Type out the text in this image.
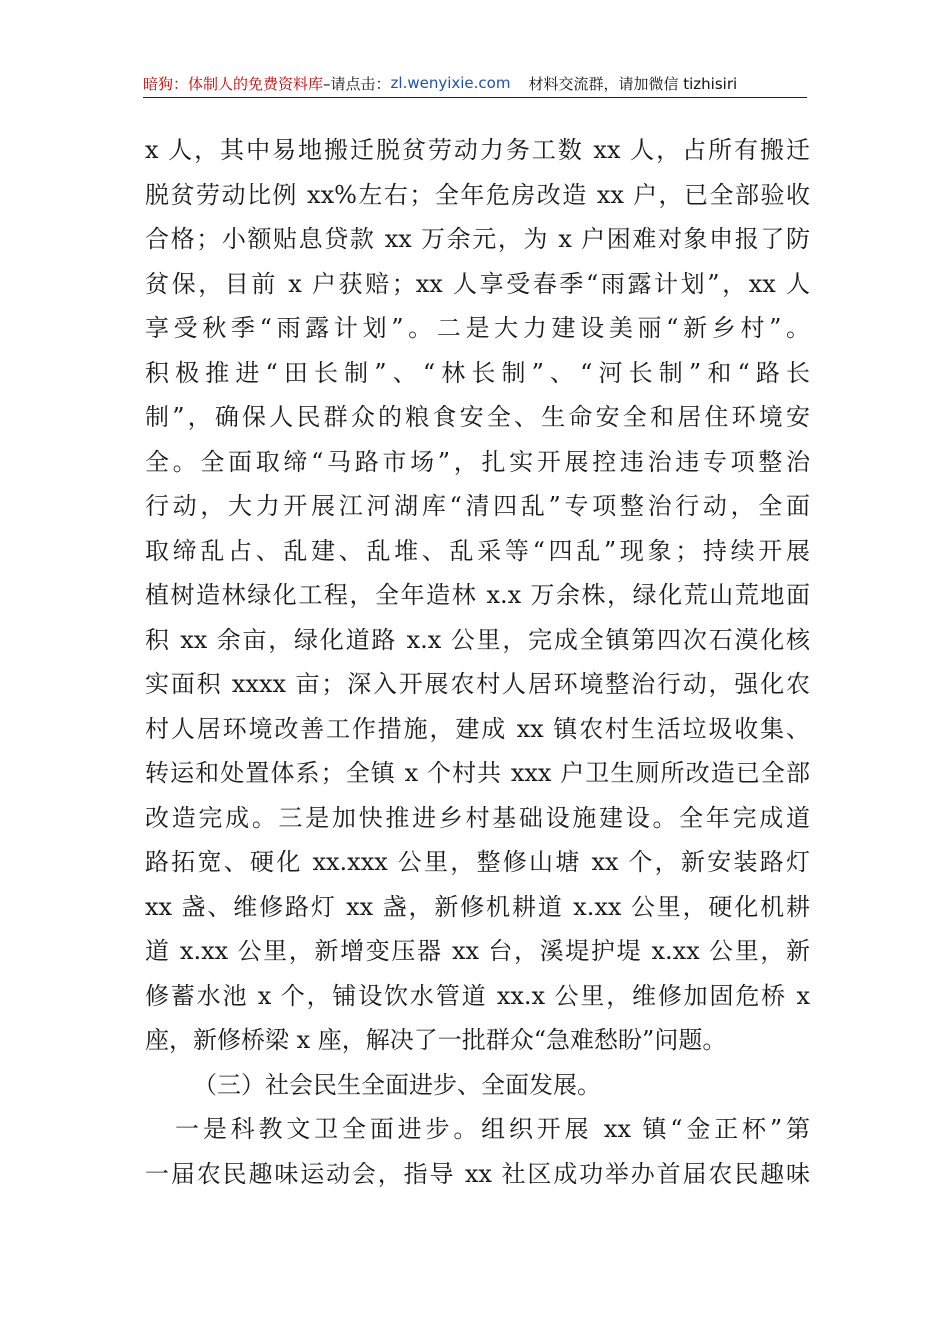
暗狗：体制人的免费资料库 –请点击： zl.wenyixie.com 材料交流群，请加微信 tizhisiri
x 人，其中易地搬迁脱贫劳动力务工数 xx 人，占所有搬迁
脱贫劳动比例 xx%左右；全年危房改造 xx 户，已全部验收
合格；小额贴息贷款 xx 万余元，为 x 户困难对象申报了防
贫保，目前 x 户获赔；xx 人享受春季“雨露计划”，xx 人
享受秋季“雨露计划”。二是大力建设美丽“新乡村”。
积极推进“田长制”、“林长制”、“河长制”和“路长
制”，确保人民群众的粮食安全、生命安全和居住环境安
全。全面取缔“马路市场”，扎实开展控违治违专项整治
行动，大力开展江河湖库“清四乱”专项整治行动，全面
取缔乱占、乱建、乱堆、乱采等“四乱”现象；持续开展
植树造林绿化工程，全年造林 x.x 万余株，绿化荒山荒地面
积 xx 余亩，绿化道路 x.x 公里，完成全镇第四次石漠化核
实面积 xxxx 亩；深入开展农村人居环境整治行动，强化农
村人居环境改善工作措施，建成 xx 镇农村生活垃圾收集、
转运和处置体系；全镇 x 个村共 xxx 户卫生厕所改造已全部
改造完成。三是加快推进乡村基础设施建设。全年完成道
路拓宽、硬化 xx.xxx 公里，整修山塘 xx 个，新安装路灯
xx 盏、维修路灯 xx 盏，新修机耕道 x.xx 公里，硬化机耕
道 x.xx 公里，新增变压器 xx 台，溪堤护堤 x.xx 公里，新
修蓄水池 x 个，铺设饮水管道 xx.x 公里，维修加固危桥 x
座，新修桥梁 x 座，解决了一批群众“急难愁盼”问题。
（三）社会民生全面进步、全面发展。
一是科教文卫全面进步。组织开展 xx 镇“金正杯”第
一届农民趣味运动会，指导 xx 社区成功举办首届农民趣味
